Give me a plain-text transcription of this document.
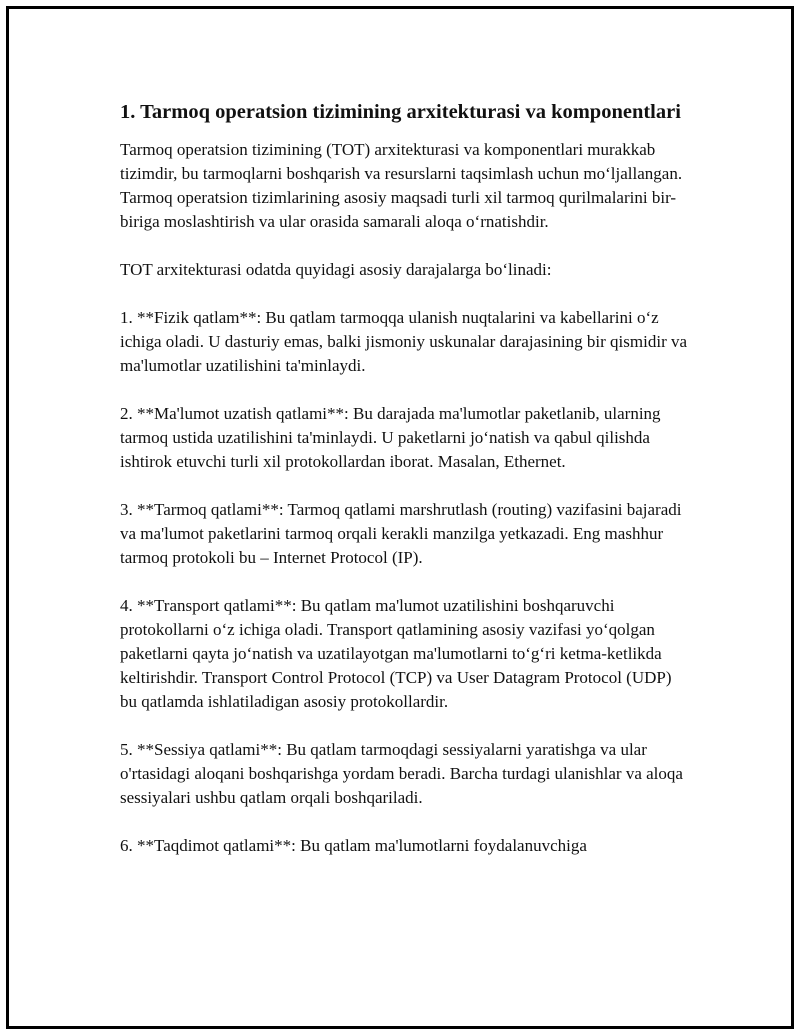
1. Tarmoq operatsion tizimining arxitekturasi va komponentlari

Tarmoq operatsion tizimining (TOT) arxitekturasi va komponentlari murakkab tizimdir, bu tarmoqlarni boshqarish va resurslarni taqsimlash uchun moʻljallangan. Tarmoq operatsion tizimlarining asosiy maqsadi turli xil tarmoq qurilmalarini bir-biriga moslashtirish va ular orasida samarali aloqa oʻrnatishdir.

TOT arxitekturasi odatda quyidagi asosiy darajalarga boʻlinadi:

1. **Fizik qatlam**: Bu qatlam tarmoqqa ulanish nuqtalarini va kabellarini oʻz ichiga oladi. U dasturiy emas, balki jismoniy uskunalar darajasining bir qismidir va ma'lumotlar uzatilishini ta'minlaydi.

2. **Ma'lumot uzatish qatlami**: Bu darajada ma'lumotlar paketlanib, ularning tarmoq ustida uzatilishini ta'minlaydi. U paketlarni joʻnatish va qabul qilishda ishtirok etuvchi turli xil protokollardan iborat. Masalan, Ethernet.

3. **Tarmoq qatlami**: Tarmoq qatlami marshrutlash (routing) vazifasini bajaradi va ma'lumot paketlarini tarmoq orqali kerakli manzilga yetkazadi. Eng mashhur tarmoq protokoli bu – Internet Protocol (IP).

4. **Transport qatlami**: Bu qatlam ma'lumot uzatilishini boshqaruvchi protokollarni oʻz ichiga oladi. Transport qatlamining asosiy vazifasi yoʻqolgan paketlarni qayta joʻnatish va uzatilayotgan ma'lumotlarni toʻgʻri ketma-ketlikda keltirishdir. Transport Control Protocol (TCP) va User Datagram Protocol (UDP) bu qatlamda ishlatiladigan asosiy protokollardir.

5. **Sessiya qatlami**: Bu qatlam tarmoqdagi sessiyalarni yaratishga va ular o'rtasidagi aloqani boshqarishga yordam beradi. Barcha turdagi ulanishlar va aloqa sessiyalari ushbu qatlam orqali boshqariladi.

6. **Taqdimot qatlami**: Bu qatlam ma'lumotlarni foydalanuvchiga
